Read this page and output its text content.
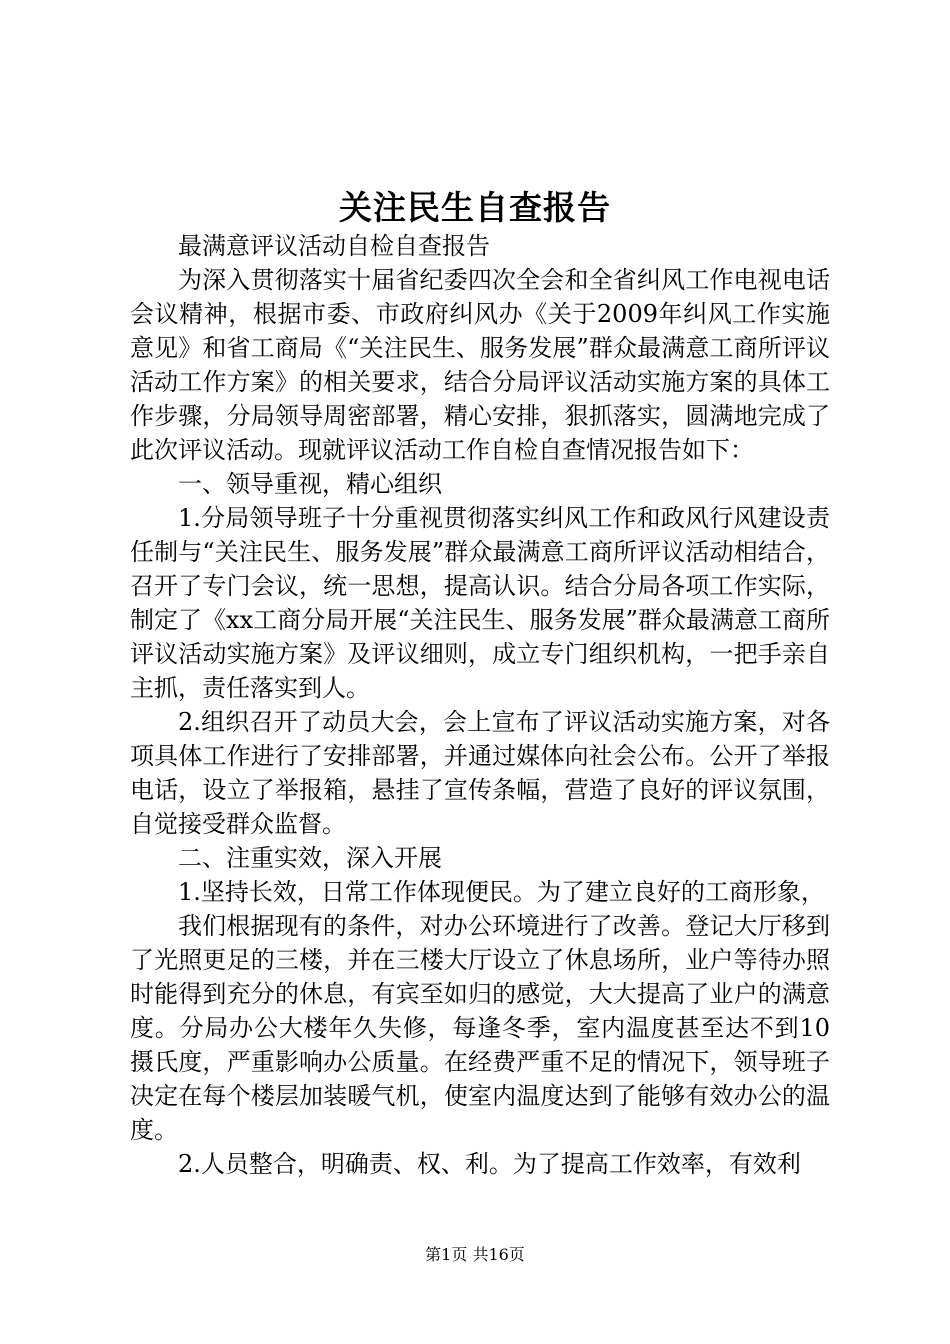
关注民生自查报告

最满意评议活动自检自查报告

为深入贯彻落实十届省纪委四次全会和全省纠风工作电视电话会议精神，根据市委、市政府纠风办《关于2009年纠风工作实施意见》和省工商局《“关注民生、服务发展”群众最满意工商所评议活动工作方案》的相关要求，结合分局评议活动实施方案的具体工作步骤，分局领导周密部署，精心安排，狠抓落实，圆满地完成了此次评议活动。现就评议活动工作自检自查情况报告如下：

一、领导重视，精心组织

1.分局领导班子十分重视贯彻落实纠风工作和政风行风建设责任制与“关注民生、服务发展”群众最满意工商所评议活动相结合，召开了专门会议，统一思想，提高认识。结合分局各项工作实际，制定了《xx工商分局开展“关注民生、服务发展”群众最满意工商所评议活动实施方案》及评议细则，成立专门组织机构，一把手亲自主抓，责任落实到人。

2.组织召开了动员大会，会上宣布了评议活动实施方案，对各项具体工作进行了安排部署，并通过媒体向社会公布。公开了举报电话，设立了举报箱，悬挂了宣传条幅，营造了良好的评议氛围，自觉接受群众监督。

二、注重实效，深入开展

1.坚持长效，日常工作体现便民。为了建立良好的工商形象，

我们根据现有的条件，对办公环境进行了改善。登记大厅移到了光照更足的三楼，并在三楼大厅设立了休息场所，业户等待办照时能得到充分的休息，有宾至如归的感觉，大大提高了业户的满意度。分局办公大楼年久失修，每逢冬季，室内温度甚至达不到10摄氏度，严重影响办公质量。在经费严重不足的情况下，领导班子决定在每个楼层加装暖气机，使室内温度达到了能够有效办公的温度。

2.人员整合，明确责、权、利。为了提高工作效率，有效利

第1页 共16页
